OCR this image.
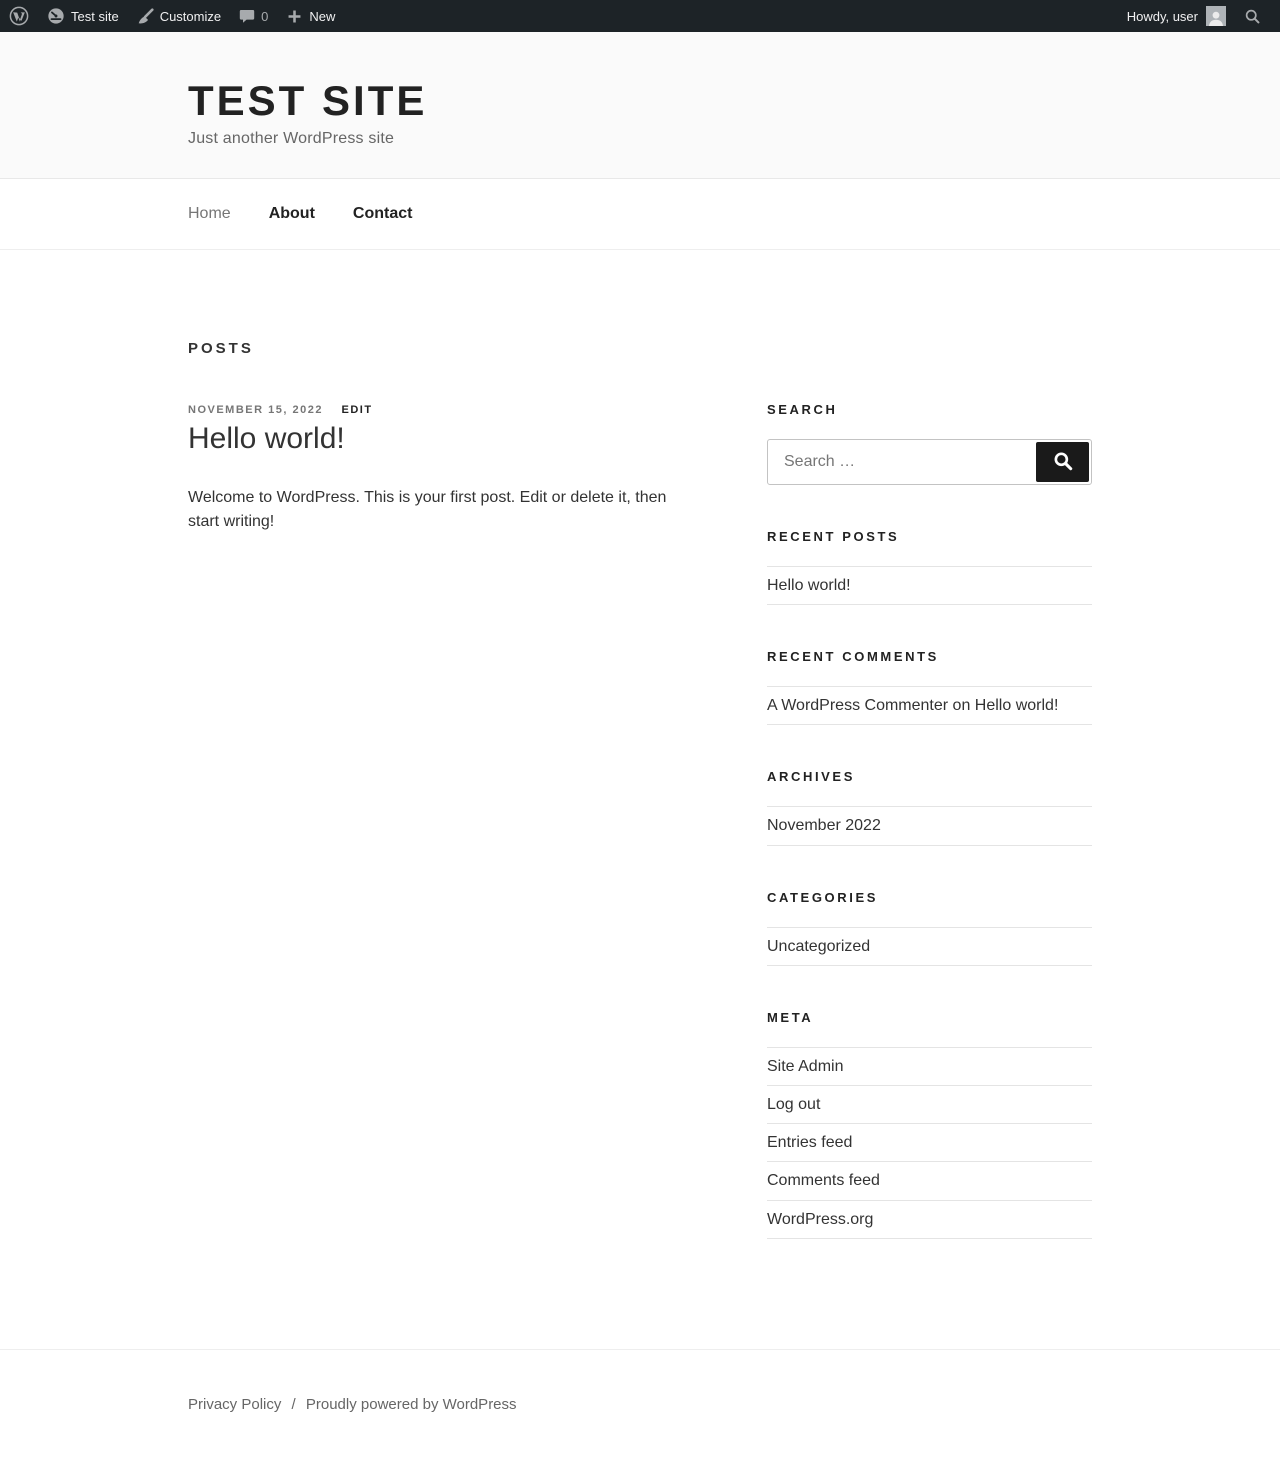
Test site	Customize	0	New	Howdy, user
TEST SITE

Just another WordPress site

Home About Contact
POSTS
NOVEMBER 15, 2022 EDIT
Hello world!

Welcome to WordPress. This is your first post. Edit or delete it, then start writing!

SEARCH
Search …
RECENT POSTS
Hello world!
RECENT COMMENTS
A WordPress Commenter on Hello world!
ARCHIVES
November 2022
CATEGORIES
Uncategorized
META
Site Admin
Log out
Entries feed
Comments feed
WordPress.org
Privacy Policy / Proudly powered by WordPress
